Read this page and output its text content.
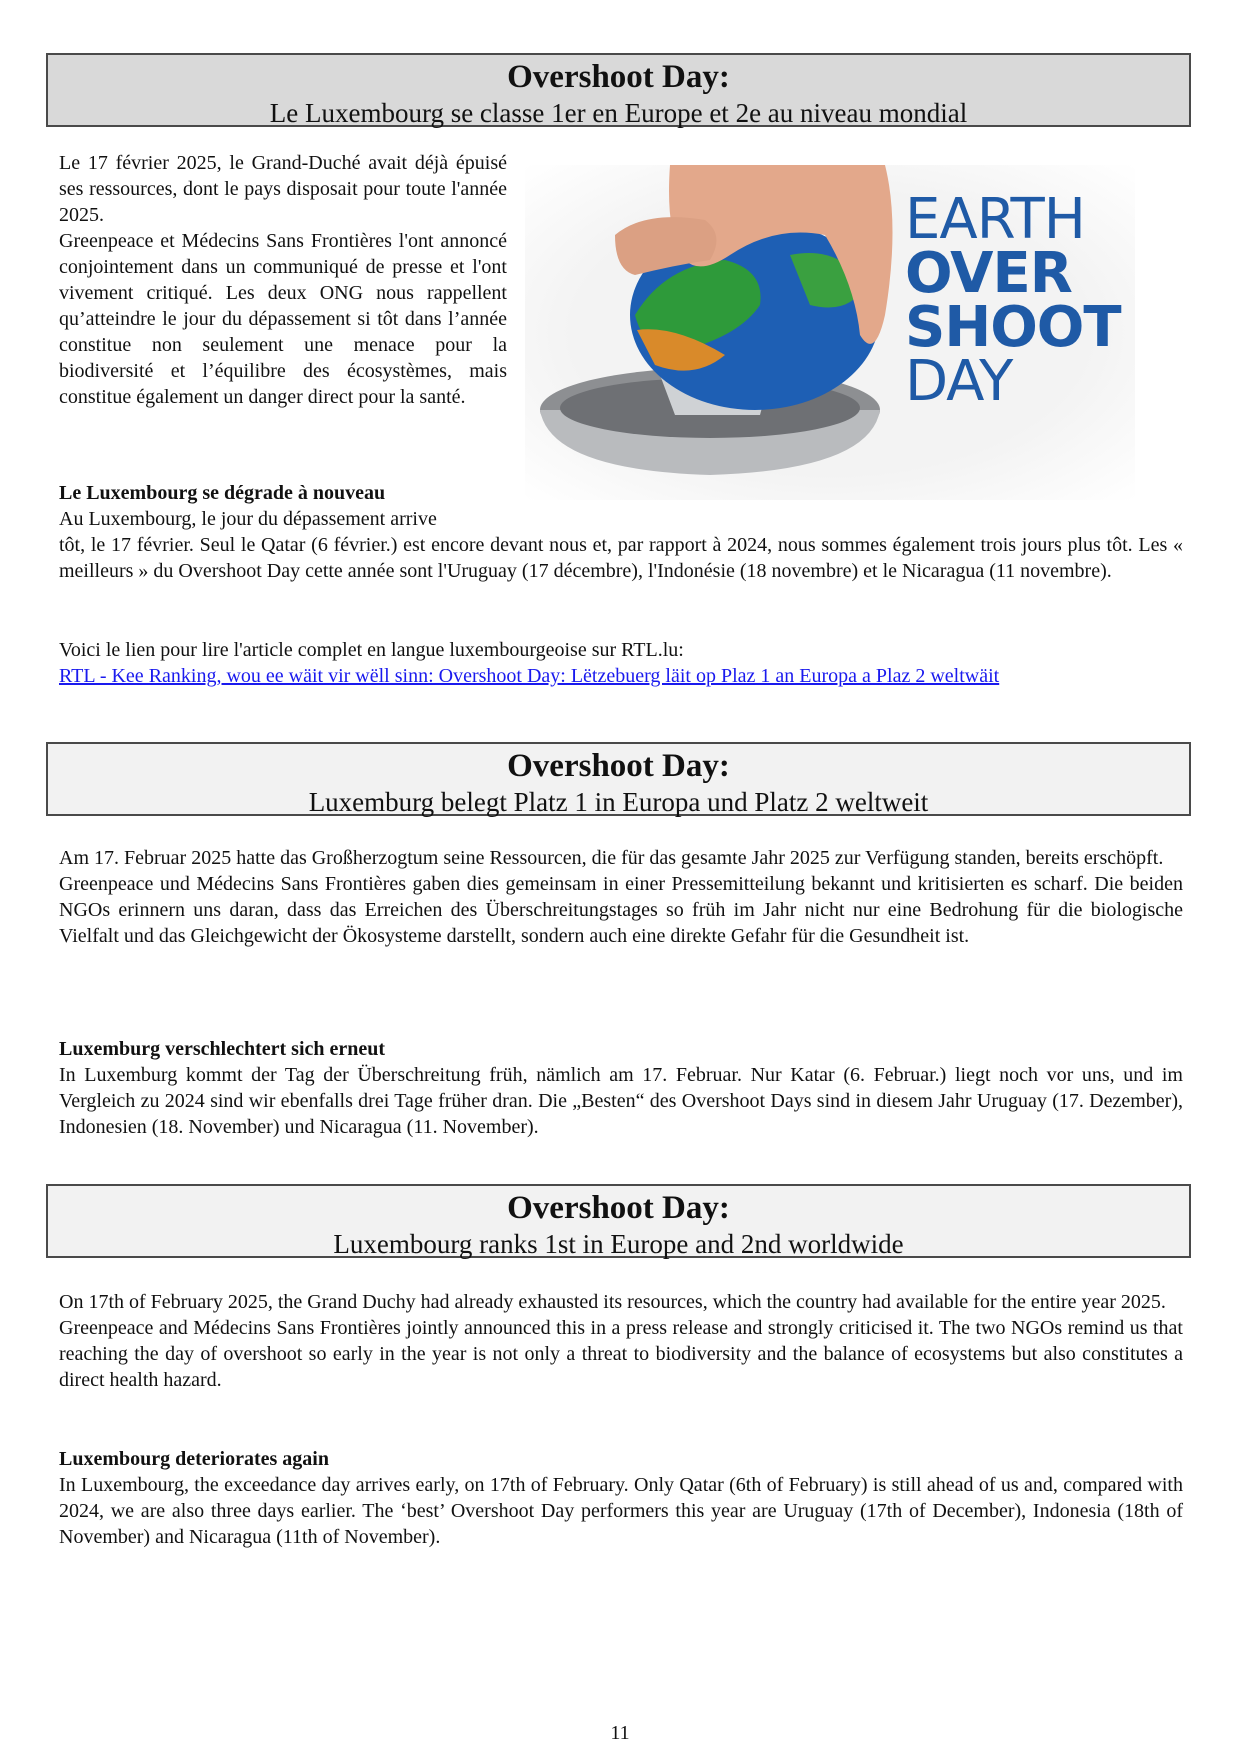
Overshoot Day:
Le Luxembourg se classe 1er en Europe et 2e au niveau mondial
Le 17 février 2025, le Grand-Duché avait déjà épuisé ses ressources, dont le pays disposait pour toute l'année 2025.
Greenpeace et Médecins Sans Frontières l'ont annoncé conjointement dans un communiqué de presse et l'ont vivement critiqué. Les deux ONG nous rappellent qu’atteindre le jour du dépassement si tôt dans l’année constitue non seulement une menace pour la biodiversité et l’équilibre des écosystèmes, mais constitue également un danger direct pour la santé.
EARTH
OVER
SHOOT
DAY
Le Luxembourg se dégrade à nouveau
Au Luxembourg, le jour du dépassement arrive
tôt, le 17 février. Seul le Qatar (6 février.) est encore devant nous et, par rapport à 2024, nous sommes également trois jours plus tôt. Les « meilleurs » du Overshoot Day cette année sont l'Uruguay (17 décembre), l'Indonésie (18 novembre) et le Nicaragua (11 novembre).
Voici le lien pour lire l'article complet en langue luxembourgeoise sur RTL.lu:
RTL - Kee Ranking, wou ee wäit vir wëll sinn: Overshoot Day: Lëtzebuerg läit op Plaz 1 an Europa a Plaz 2 weltwäit
Overshoot Day:
Luxemburg belegt Platz 1 in Europa und Platz 2 weltweit
Am 17. Februar 2025 hatte das Großherzogtum seine Ressourcen, die für das gesamte Jahr 2025 zur Verfügung standen, bereits erschöpft.
Greenpeace und Médecins Sans Frontières gaben dies gemeinsam in einer Pressemitteilung bekannt und kritisierten es scharf. Die beiden NGOs erinnern uns daran, dass das Erreichen des Überschreitungstages so früh im Jahr nicht nur eine Bedrohung für die biologische Vielfalt und das Gleichgewicht der Ökosysteme darstellt, sondern auch eine direkte Gefahr für die Gesundheit ist.
Luxemburg verschlechtert sich erneut
In Luxemburg kommt der Tag der Überschreitung früh, nämlich am 17. Februar. Nur Katar (6. Februar.) liegt noch vor uns, und im Vergleich zu 2024 sind wir ebenfalls drei Tage früher dran. Die „Besten“ des Overshoot Days sind in diesem Jahr Uruguay (17. Dezember), Indonesien (18. November) und Nicaragua (11. November).
Overshoot Day:
Luxembourg ranks 1st in Europe and 2nd worldwide
On 17th of February 2025, the Grand Duchy had already exhausted its resources, which the country had available for the entire year 2025.
Greenpeace and Médecins Sans Frontières jointly announced this in a press release and strongly criticised it. The two NGOs remind us that reaching the day of overshoot so early in the year is not only a threat to biodiversity and the balance of ecosystems but also constitutes a direct health hazard.
Luxembourg deteriorates again
In Luxembourg, the exceedance day arrives early, on 17th of February. Only Qatar (6th of February) is still ahead of us and, compared with 2024, we are also three days earlier. The ‘best’ Overshoot Day performers this year are Uruguay (17th of December), Indonesia (18th of November) and Nicaragua (11th of November).
11
